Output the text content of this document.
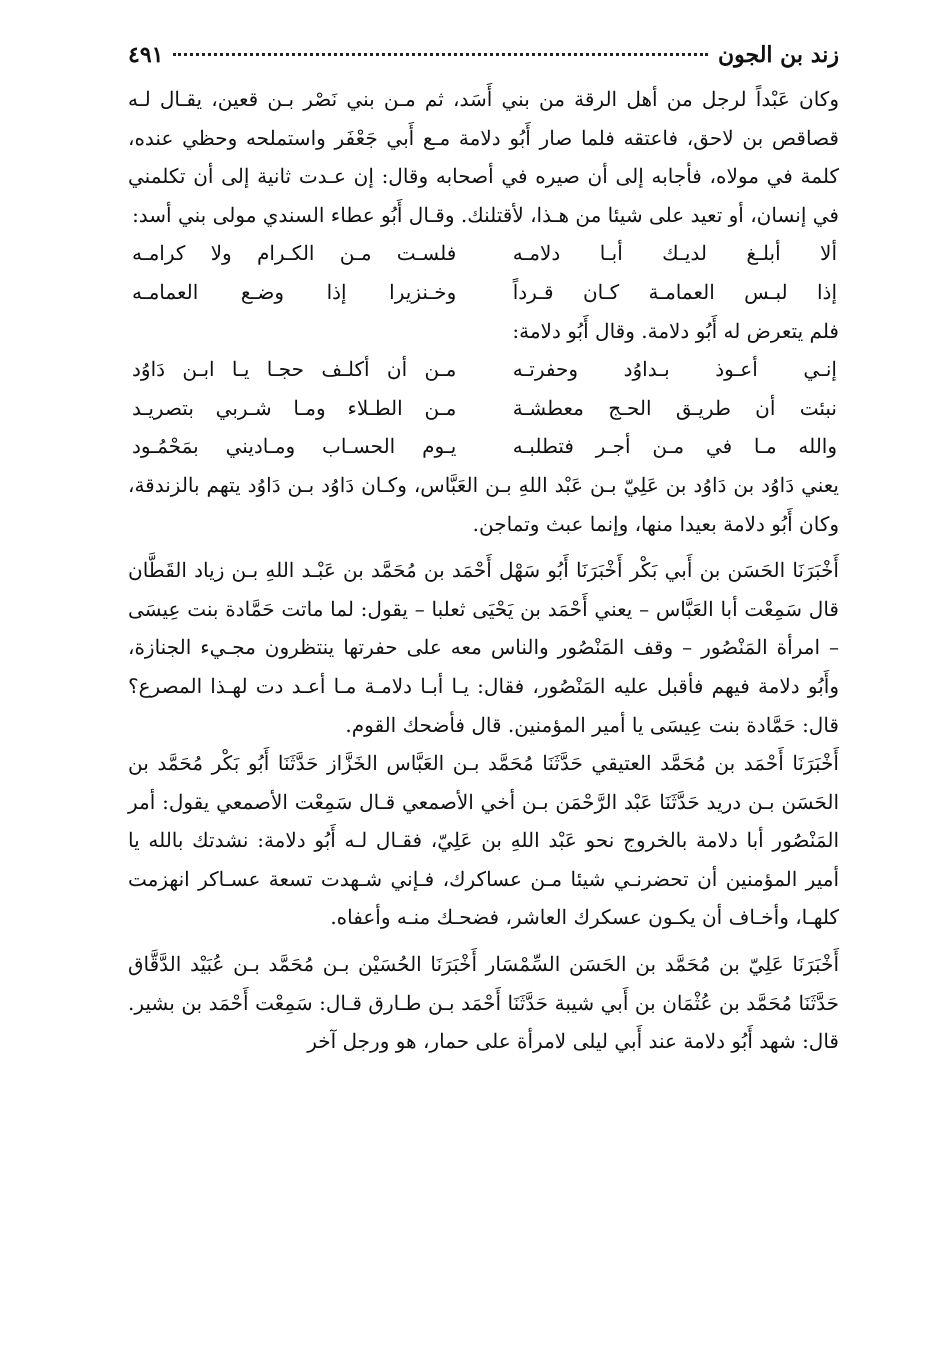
زند بن الجون
٤٩١

وكان عَبْداً لرجل من أهل الرقة من بني أَسَد، ثم مـن بني نَصْر بـن قعين، يقـال لـه قصاقص بن لاحق، فاعتقه فلما صار أَبُو دلامة مـع أَبي جَعْفَر واستملحه وحظي عنده، كلمة في مولاه، فأجابه إلى أن صيره في أصحابه وقال: إن عـدت ثانية إلى أن تكلمني في إنسان، أو تعيد على شيئا من هـذا، لأقتلنك. وقـال أَبُو عطاء السندي مولى بني أسد:

ألا أبلـغ لديـك أبـا دلامـه
فلسـت مـن الكـرام ولا كرامـه
إذا لبـس العمامـة كـان قـرداً
وخـنزيرا إذا وضـع العمامـه

فلم يتعرض له أَبُو دلامة. وقال أَبُو دلامة:

إنـي أعـوذ بـداوُد وحفرتـه
مـن أن أكلـف حجـا يـا ابـن دَاوُد
نبئت أن طريـق الحـج معطشـة
مـن الطـلاء ومـا شـربي بتصريـد
والله مـا في مـن أجـر فتطلبـه
يـوم الحسـاب ومـاديني بمَحْمُـود

يعني دَاوُد بن دَاوُد بن عَلِيّ بـن عَبْد اللهِ بـن العَبَّاس، وكـان دَاوُد بـن دَاوُد يتهم بالزندقة، وكان أَبُو دلامة بعيدا منها، وإنما عبث وتماجن.

أَخْبَرَنَا الحَسَن بن أَبي بَكْر أَخْبَرَنَا أَبُو سَهْل أَحْمَد بن مُحَمَّد بن عَبْـد اللهِ بـن زياد القَطَّان قال سَمِعْت أبا العَبَّاس – يعني أَحْمَد بن يَحْيَى ثعلبا – يقول: لما ماتت حَمَّادة بنت عِيسَى – امرأة المَنْصُور – وقف المَنْصُور والناس معه على حفرتها ينتظرون مجـيء الجنازة، وأَبُو دلامة فيهم فأقبل عليه المَنْصُور، فقال: يـا أبـا دلامـة مـا أعـد دت لهـذا المصرع؟ قال: حَمَّادة بنت عِيسَى يا أمير المؤمنين. قال فأضحك القوم.

أَخْبَرَنَا أَحْمَد بن مُحَمَّد العتيقي حَدَّثَنَا مُحَمَّد بـن العَبَّاس الخَزَّاز حَدَّثَنَا أَبُو بَكْر مُحَمَّد بن الحَسَن بـن دريد حَدَّثَنَا عَبْد الرَّحْمَن بـن أخي الأصمعي قـال سَمِعْت الأصمعي يقول: أمر المَنْصُور أبا دلامة بالخروج نحو عَبْد اللهِ بن عَلِيّ، فقـال لـه أَبُو دلامة: نشدتك بالله يا أمير المؤمنين أن تحضرنـي شيئا مـن عساكرك، فـإني شـهدت تسعة عسـاكر انهزمت كلهـا، وأخـاف أن يكـون عسكرك العاشر، فضحـك منـه وأعفاه.

أَخْبَرَنَا عَلِيّ بن مُحَمَّد بن الحَسَن السِّمْسَار أَخْبَرَنَا الحُسَيْن بـن مُحَمَّد بـن عُبَيْد الدَّقَّاق حَدَّثَنَا مُحَمَّد بن عُثْمَان بن أَبي شيبة حَدَّثَنَا أَحْمَد بـن طـارق قـال: سَمِعْت أَحْمَد بن بشير. قال: شهد أَبُو دلامة عند أَبي ليلى لامرأة على حمار، هو ورجل آخر
